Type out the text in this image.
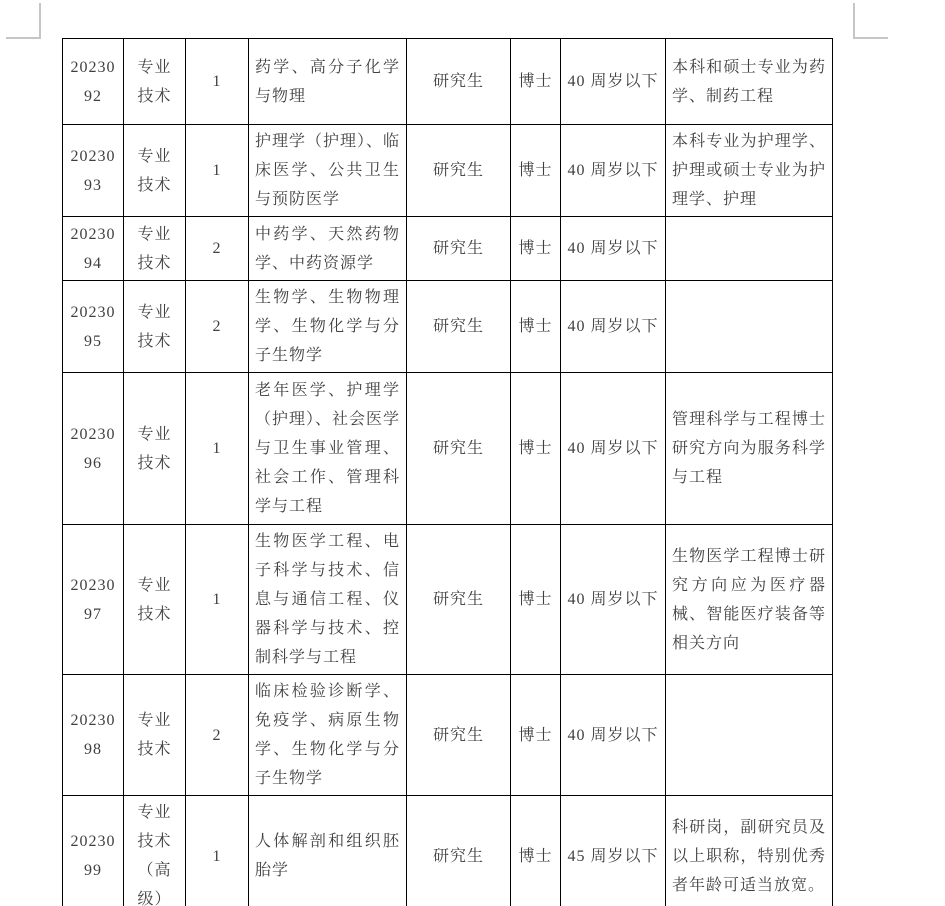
2023092	专业技术	1	药学、高分子化学与物理	研究生	博士	40 周岁以下	本科和硕士专业为药学、制药工程
2023093	专业技术	1	护理学（护理）、临床医学、公共卫生与预防医学	研究生	博士	40 周岁以下	本科专业为护理学、护理或硕士专业为护理学、护理
2023094	专业技术	2	中药学、天然药物学、中药资源学	研究生	博士	40 周岁以下	
2023095	专业技术	2	生物学、生物物理学、生物化学与分子生物学	研究生	博士	40 周岁以下	
2023096	专业技术	1	老年医学、护理学（护理）、社会医学与卫生事业管理、社会工作、管理科学与工程	研究生	博士	40 周岁以下	管理科学与工程博士研究方向为服务科学与工程
2023097	专业技术	1	生物医学工程、电子科学与技术、信息与通信工程、仪器科学与技术、控制科学与工程	研究生	博士	40 周岁以下	生物医学工程博士研究方向应为医疗器械、智能医疗装备等相关方向
2023098	专业技术	2	临床检验诊断学、免疫学、病原生物学、生物化学与分子生物学	研究生	博士	40 周岁以下	
2023099	专业技术（高级）	1	人体解剖和组织胚胎学	研究生	博士	45 周岁以下	科研岗，副研究员及以上职称，特别优秀者年龄可适当放宽。
